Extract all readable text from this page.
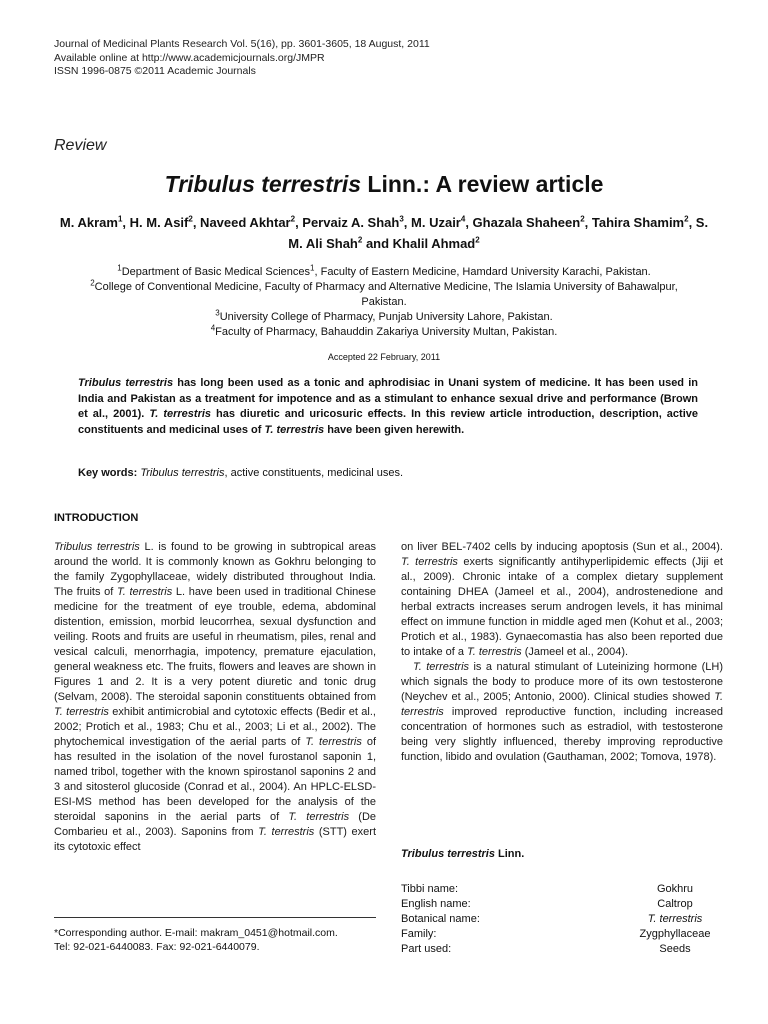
Journal of Medicinal Plants Research Vol. 5(16), pp. 3601-3605, 18 August, 2011
Available online at http://www.academicjournals.org/JMPR
ISSN 1996-0875 ©2011 Academic Journals
Review
Tribulus terrestris Linn.: A review article
M. Akram$^1$, H. M. Asif$^2$, Naveed Akhtar$^2$, Pervaiz A. Shah$^3$, M. Uzair$^4$, Ghazala Shaheen$^2$, Tahira Shamim$^2$, S. M. Ali Shah$^2$ and Khalil Ahmad$^2$
$^1$Department of Basic Medical Sciences$^1$, Faculty of Eastern Medicine, Hamdard University Karachi, Pakistan.
$^2$College of Conventional Medicine, Faculty of Pharmacy and Alternative Medicine, The Islamia University of Bahawalpur, Pakistan.
$^3$University College of Pharmacy, Punjab University Lahore, Pakistan.
$^4$Faculty of Pharmacy, Bahauddin Zakariya University Multan, Pakistan.
Accepted 22 February, 2011
Tribulus terrestris has long been used as a tonic and aphrodisiac in Unani system of medicine. It has been used in India and Pakistan as a treatment for impotence and as a stimulant to enhance sexual drive and performance (Brown et al., 2001). T. terrestris has diuretic and uricosuric effects. In this review article introduction, description, active constituents and medicinal uses of T. terrestris have been given herewith.
Key words: Tribulus terrestris, active constituents, medicinal uses.
INTRODUCTION

Tribulus terrestris L. is found to be growing in subtropical areas around the world. It is commonly known as Gokhru belonging to the family Zygophyllaceae, widely distributed throughout India. The fruits of T. terrestris L. have been used in traditional Chinese medicine for the treatment of eye trouble, edema, abdominal distention, emission, morbid leucorrhea, sexual dysfunction and veiling. Roots and fruits are useful in rheumatism, piles, renal and vesical calculi, menorrhagia, impotency, premature ejaculation, general weakness etc. The fruits, flowers and leaves are shown in Figures 1 and 2. It is a very potent diuretic and tonic drug (Selvam, 2008). The steroidal saponin constituents obtained from T. terrestris exhibit antimicrobial and cytotoxic effects (Bedir et al., 2002; Protich et al., 1983; Chu et al., 2003; Li et al., 2002). The phytochemical investigation of the aerial parts of T. terrestris of has resulted in the isolation of the novel furostanol saponin 1, named tribol, together with the known spirostanol saponins 2 and 3 and sitosterol glucoside (Conrad et al., 2004). An HPLC-ELSD-ESI-MS method has been developed for the analysis of the steroidal saponins in the aerial parts of T. terrestris (De Combarieu et al., 2003). Saponins from T. terrestris (STT) exert its cytotoxic effect

on liver BEL-7402 cells by inducing apoptosis (Sun et al., 2004). T. terrestris exerts significantly antihyperlipidemic effects (Jiji et al., 2009). Chronic intake of a complex dietary supplement containing DHEA (Jameel et al., 2004), androstenedione and herbal extracts increases serum androgen levels, it has minimal effect on immune function in middle aged men (Kohut et al., 2003; Protich et al., 1983). Gynaecomastia has also been reported due to intake of a T. terrestris (Jameel et al., 2004).

T. terrestris is a natural stimulant of Luteinizing hormone (LH) which signals the body to produce more of its own testosterone (Neychev et al., 2005; Antonio, 2000). Clinical studies showed T. terrestris improved reproductive function, including increased concentration of hormones such as estradiol, with testosterone being very slightly influenced, thereby improving reproductive function, libido and ovulation (Gauthaman, 2002; Tomova, 1978).

Tribulus terrestris Linn.
Tibbi name:	Gokhru
English name:	Caltrop
Botanical name:	T. terrestris
Family:	Zygphyllaceae
Part used:	Seeds
*Corresponding author. E-mail: makram_0451@hotmail.com.
Tel: 92-021-6440083. Fax: 92-021-6440079.
